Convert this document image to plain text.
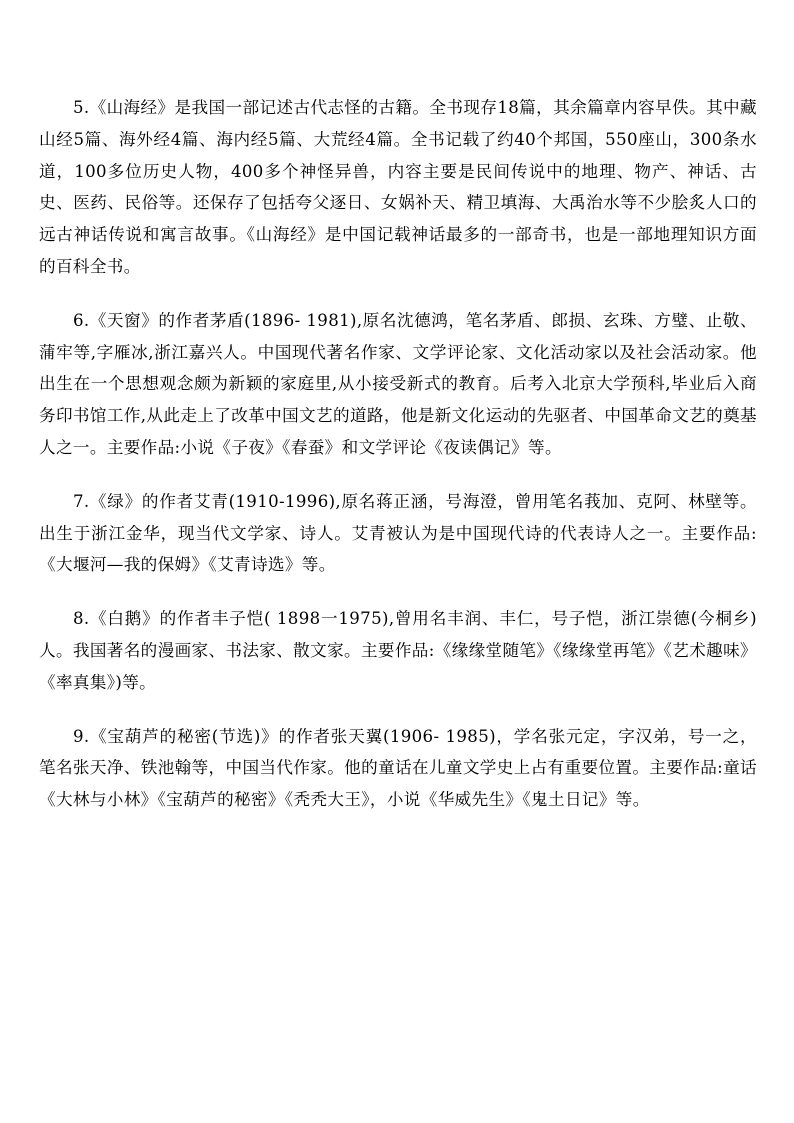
5.《山海经》是我国一部记述古代志怪的古籍。全书现存18篇，其余篇章内容早佚。其中藏山经5篇、海外经4篇、海内经5篇、大荒经4篇。全书记载了约40个邦国，550座山，300条水道，100多位历史人物，400多个神怪异兽，内容主要是民间传说中的地理、物产、神话、古史、医药、民俗等。还保存了包括夸父逐日、女娲补天、精卫填海、大禹治水等不少脍炙人口的远古神话传说和寓言故事。《山海经》是中国记载神话最多的一部奇书，也是一部地理知识方面的百科全书。

6.《天窗》的作者茅盾(1896- 1981),原名沈德鸿，笔名茅盾、郎损、玄珠、方璧、止敬、蒲牢等,字雁冰,浙江嘉兴人。中国现代著名作家、文学评论家、文化活动家以及社会活动家。他出生在一个思想观念颇为新颖的家庭里,从小接受新式的教育。后考入北京大学预科,毕业后入商务印书馆工作,从此走上了改革中国文艺的道路，他是新文化运动的先驱者、中国革命文艺的奠基人之一。主要作品:小说《子夜》《春蚕》和文学评论《夜读偶记》等。

7.《绿》的作者艾青(1910-1996),原名蒋正涵，号海澄，曾用笔名莪加、克阿、林壁等。出生于浙江金华，现当代文学家、诗人。艾青被认为是中国现代诗的代表诗人之一。主要作品:《大堰河—我的保姆》《艾青诗选》等。

8.《白鹅》的作者丰子恺( 1898一1975),曾用名丰润、丰仁，号子恺，浙江崇德(今桐乡)人。我国著名的漫画家、书法家、散文家。主要作品:《缘缘堂随笔》《缘缘堂再笔》《艺术趣味》《率真集》)等。

9.《宝葫芦的秘密(节选)》的作者张天翼(1906- 1985)，学名张元定，字汉弟，号一之，笔名张天净、铁池翰等，中国当代作家。他的童话在儿童文学史上占有重要位置。主要作品:童话《大林与小林》《宝葫芦的秘密》《秃秃大王》，小说《华威先生》《鬼土日记》等。
